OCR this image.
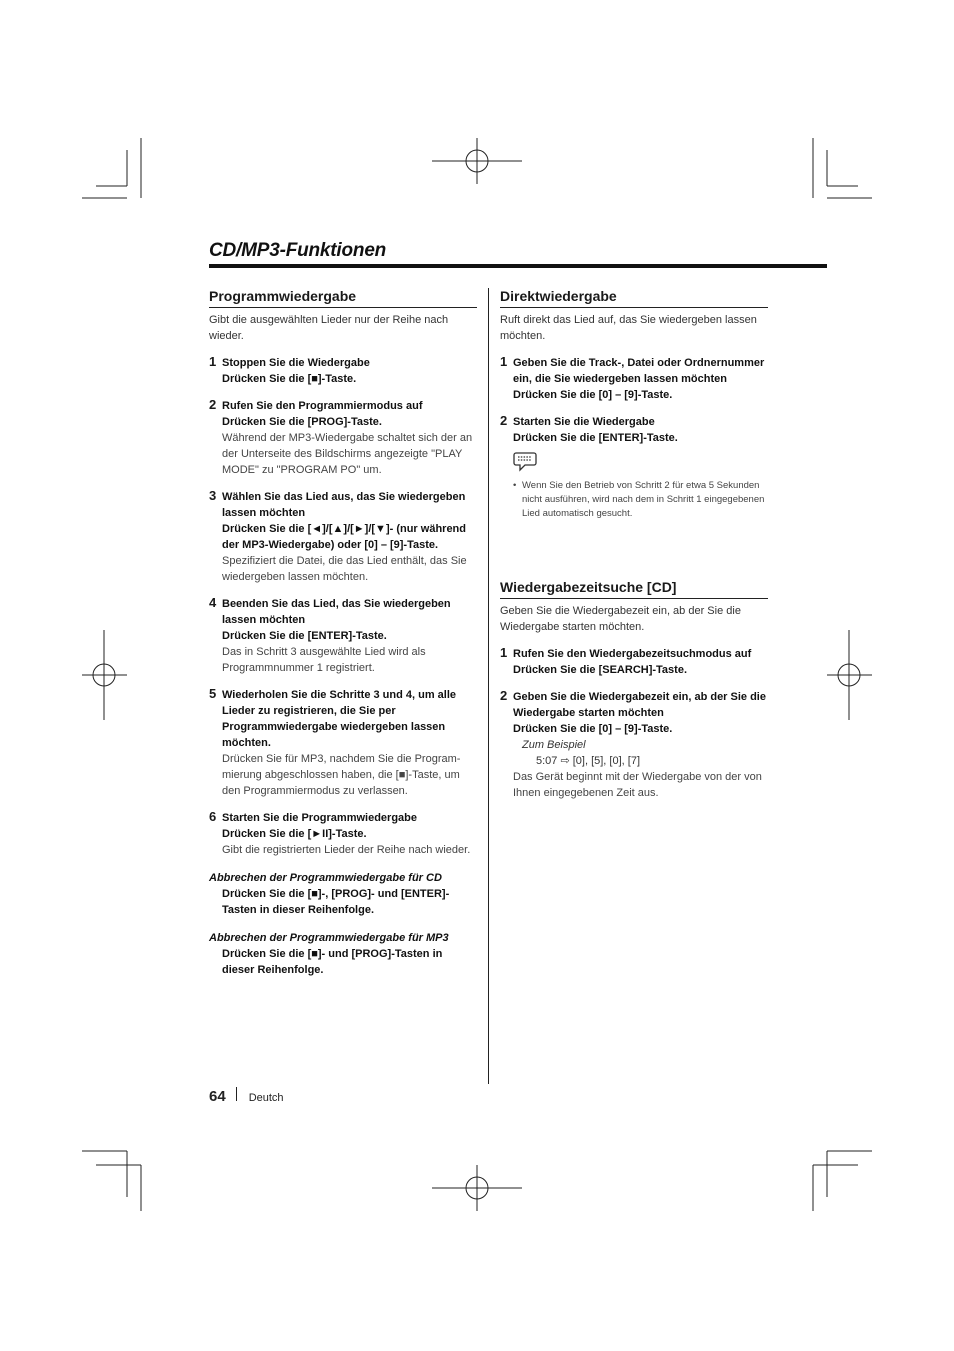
CD/MP3-Funktionen
Programmwiedergabe

Gibt die ausgewählten Lieder nur der Reihe nach wieder.

1 Stoppen Sie die Wiedergabe
Drücken Sie die [■]-Taste.
2 Rufen Sie den Programmiermodus auf
Drücken Sie die [PROG]-Taste.
Während der MP3-Wiedergabe schaltet sich der an der Unterseite des Bildschirms angezeigte "PLAY MODE" zu "PROGRAM PO" um.
3 Wählen Sie das Lied aus, das Sie wiedergeben lassen möchten
Drücken Sie die [◄]/[▲]/[►]/[▼]- (nur während der MP3-Wiedergabe) oder [0] – [9]-Taste.
Spezifiziert die Datei, die das Lied enthält, das Sie wiedergeben lassen möchten.
4 Beenden Sie das Lied, das Sie wiedergeben lassen möchten
Drücken Sie die [ENTER]-Taste.
Das in Schritt 3 ausgewählte Lied wird als Programmnummer 1 registriert.
5 Wiederholen Sie die Schritte 3 und 4, um alle Lieder zu registrieren, die Sie per Programmwiedergabe wiedergeben lassen möchten.
Drücken Sie für MP3, nachdem Sie die Program-mierung abgeschlossen haben, die [■]-Taste, um den Programmiermodus zu verlassen.
6 Starten Sie die Programmwiedergabe
Drücken Sie die [►II]-Taste.
Gibt die registrierten Lieder der Reihe nach wieder.
Abbrechen der Programmwiedergabe für CD
Drücken Sie die [■]-, [PROG]- und [ENTER]-Tasten in dieser Reihenfolge.
Abbrechen der Programmwiedergabe für MP3
Drücken Sie die [■]- und [PROG]-Tasten in dieser Reihenfolge.
Direktwiedergabe

Ruft direkt das Lied auf, das Sie wiedergeben lassen möchten.

1 Geben Sie die Track-, Datei oder Ordnernummer ein, die Sie wiedergeben lassen möchten
Drücken Sie die [0] – [9]-Taste.
2 Starten Sie die Wiedergabe
Drücken Sie die [ENTER]-Taste.
• Wenn Sie den Betrieb von Schritt 2 für etwa 5 Sekunden nicht ausführen, wird nach dem in Schritt 1 eingegebenen Lied automatisch gesucht.
Wiedergabezeitsuche [CD]

Geben Sie die Wiedergabezeit ein, ab der Sie die Wiedergabe starten möchten.

1 Rufen Sie den Wiedergabezeitsuchmodus auf
Drücken Sie die [SEARCH]-Taste.
2 Geben Sie die Wiedergabezeit ein, ab der Sie die Wiedergabe starten möchten
Drücken Sie die [0] – [9]-Taste.
Zum Beispiel
5:07 ⇨ [0], [5], [0], [7]
Das Gerät beginnt mit der Wiedergabe von der von Ihnen eingegebenen Zeit aus.
64 Deutch
